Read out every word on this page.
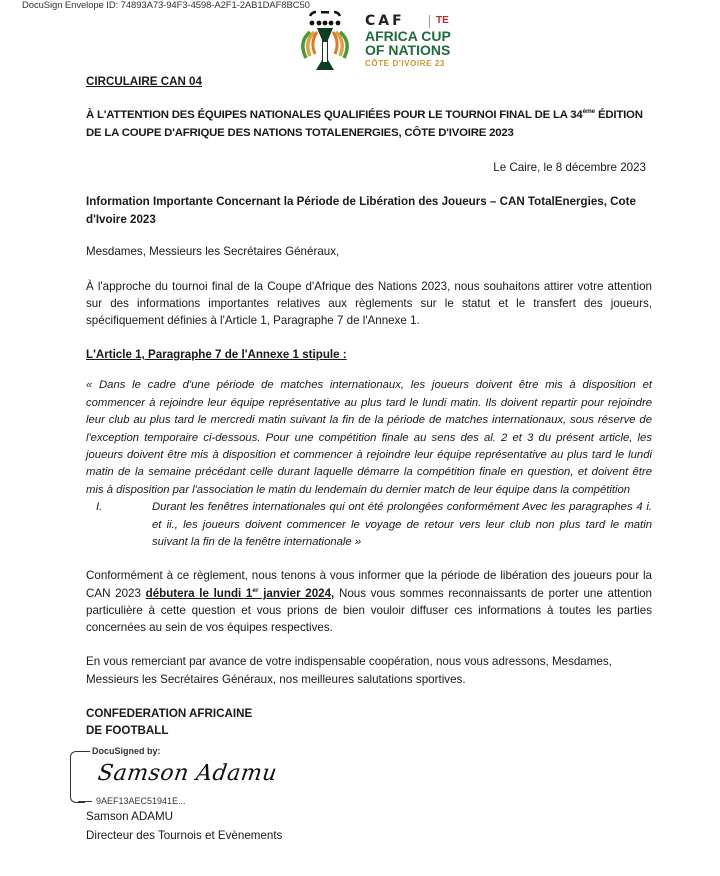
DocuSign Envelope ID: 74893A73-94F3-4598-A2F1-2AB1DAF8BC50
CAF	TE
AFRICA CUP
OF NATIONS
CÔTE D'IVOIRE 23
CIRCULAIRE CAN 04
À L'ATTENTION DES ÉQUIPES NATIONALES QUALIFIÉES POUR LE TOURNOI FINAL DE LA 34ème ÉDITION DE LA COUPE D'AFRIQUE DES NATIONS TOTALENERGIES, CÔTE D'IVOIRE 2023
Le Caire, le 8 décembre 2023
Information Importante Concernant la Période de Libération des Joueurs – CAN TotalEnergies, Cote d'Ivoire 2023
Mesdames, Messieurs les Secrétaires Généraux,
À l'approche du tournoi final de la Coupe d'Afrique des Nations 2023, nous souhaitons attirer votre attention sur des informations importantes relatives aux règlements sur le statut et le transfert des joueurs, spécifiquement définies à l'Article 1, Paragraphe 7 de l'Annexe 1.
L'Article 1, Paragraphe 7 de l'Annexe 1 stipule :
« Dans le cadre d'une période de matches internationaux, les joueurs doivent être mis à disposition et commencer à rejoindre leur équipe représentative au plus tard le lundi matin. Ils doivent repartir pour rejoindre leur club au plus tard le mercredi matin suivant la fin de la période de matches internationaux, sous réserve de l'exception temporaire ci-dessous. Pour une compétition finale au sens des al. 2 et 3 du présent article, les joueurs doivent être mis à disposition et commencer à rejoindre leur équipe représentative au plus tard le lundi matin de la semaine précédant celle durant laquelle démarre la compétition finale en question, et doivent être mis à disposition par l'association le matin du lendemain du dernier match de leur équipe dans la compétition
I.	Durant les fenêtres internationales qui ont été prolongées conformément Avec les paragraphes 4 i. et ii., les joueurs doivent commencer le voyage de retour vers leur club non plus tard le matin suivant la fin de la fenêtre internationale »
Conformément à ce règlement, nous tenons à vous informer que la période de libération des joueurs pour la CAN 2023 débutera le lundi 1er janvier 2024, Nous vous sommes reconnaissants de porter une attention particulière à cette question et vous prions de bien vouloir diffuser ces informations à toutes les parties concernées au sein de vos équipes respectives.
En vous remerciant par avance de votre indispensable coopération, nous vous adressons, Mesdames, Messieurs les Secrétaires Généraux, nos meilleures salutations sportives.
CONFEDERATION AFRICAINE
DE FOOTBALL
DocuSigned by:
Samson Adamu
9AEF13AEC51941E...
Samson ADAMU
Directeur des Tournois et Evènements
